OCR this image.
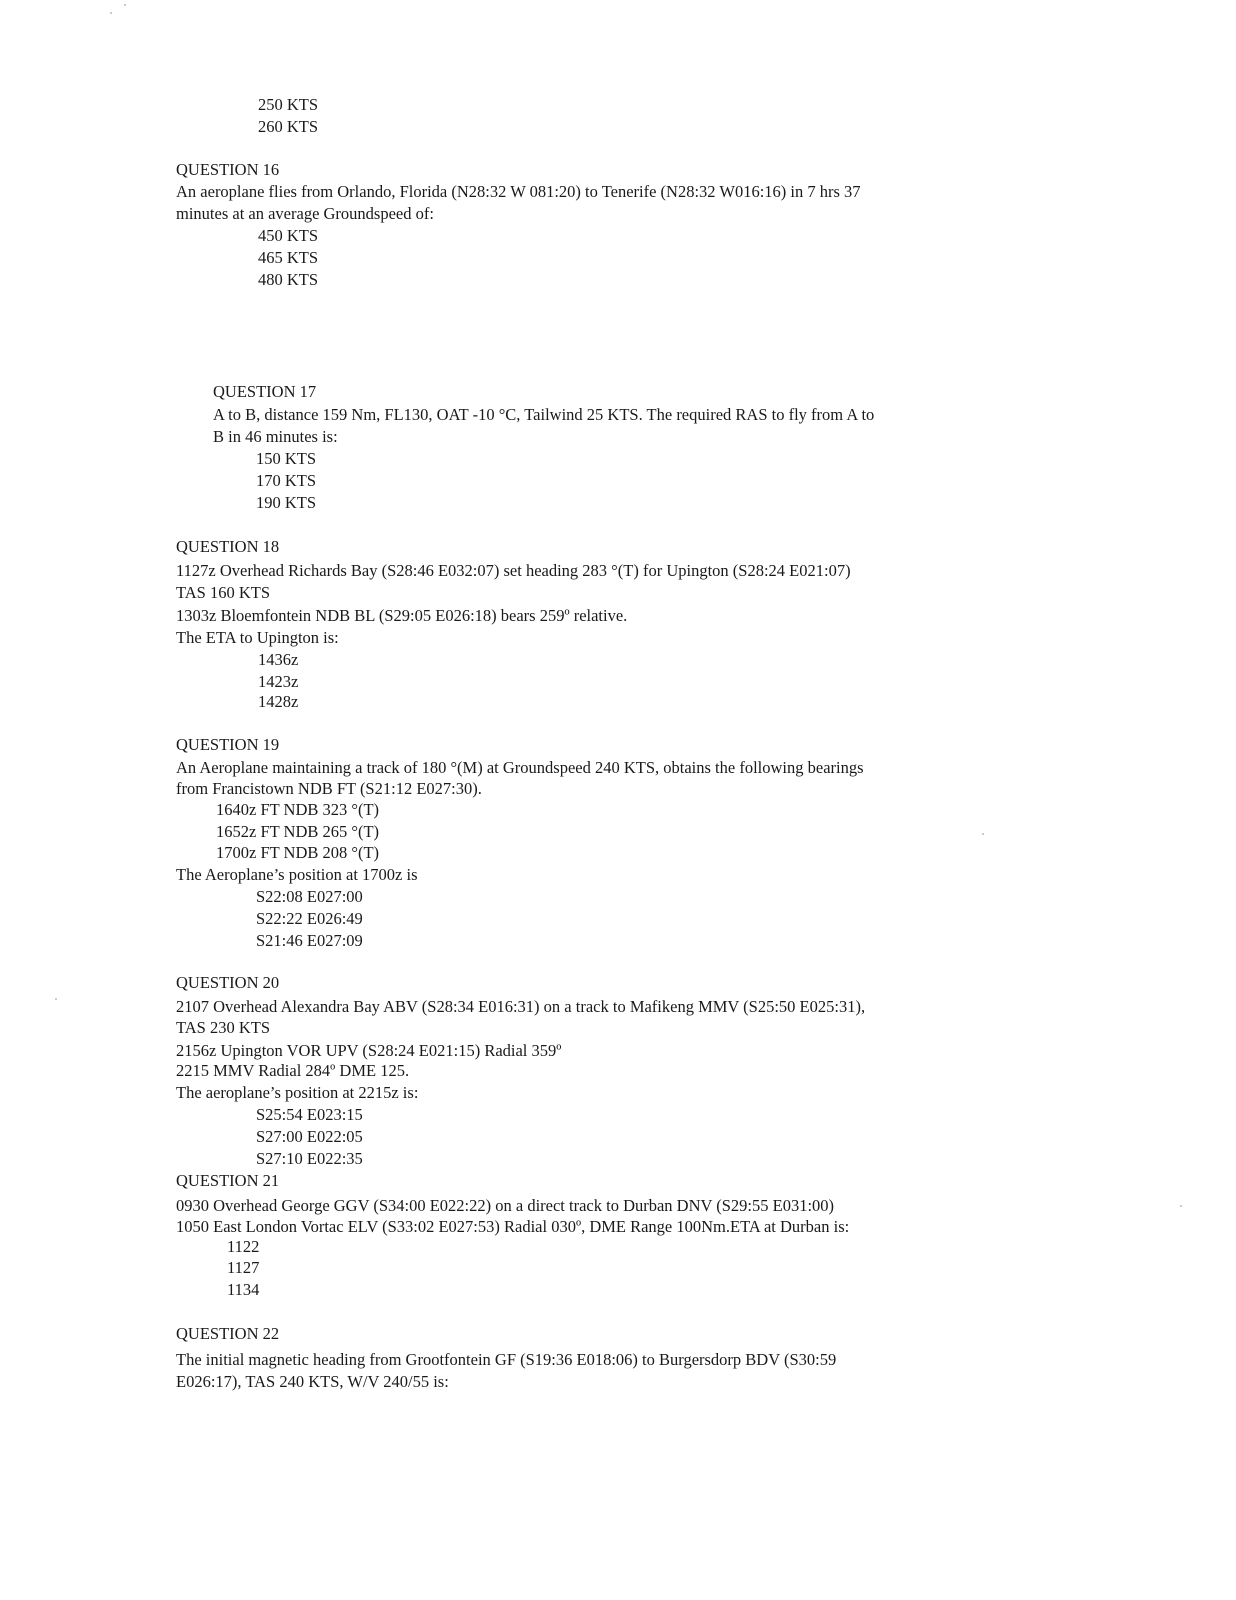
250 KTS
260 KTS
QUESTION 16
An aeroplane flies from Orlando, Florida (N28:32 W 081:20) to Tenerife (N28:32 W016:16) in 7 hrs 37
minutes at an average Groundspeed of:
450 KTS
465 KTS
480 KTS
QUESTION 17
A to B, distance 159 Nm, FL130, OAT -10 °C, Tailwind 25 KTS. The required RAS to fly from A to
B in 46 minutes is:
150 KTS
170 KTS
190 KTS
QUESTION 18
1127z Overhead Richards Bay (S28:46 E032:07) set heading 283 °(T) for Upington (S28:24 E021:07)
TAS 160 KTS
1303z Bloemfontein NDB BL (S29:05 E026:18) bears 259º relative.
The ETA to Upington is:
1436z
1423z
1428z
QUESTION 19
An Aeroplane maintaining a track of 180 °(M) at Groundspeed 240 KTS, obtains the following bearings
from Francistown NDB FT (S21:12 E027:30).
1640z FT NDB 323 °(T)
1652z FT NDB 265 °(T)
1700z FT NDB 208 °(T)
The Aeroplane’s position at 1700z is
S22:08 E027:00
S22:22 E026:49
S21:46 E027:09
QUESTION 20
2107 Overhead Alexandra Bay ABV (S28:34 E016:31) on a track to Mafikeng MMV (S25:50 E025:31),
TAS 230 KTS
2156z Upington VOR UPV (S28:24 E021:15) Radial 359º
2215 MMV Radial 284º DME 125.
The aeroplane’s position at 2215z is:
S25:54 E023:15
S27:00 E022:05
S27:10 E022:35
QUESTION 21
0930 Overhead George GGV (S34:00 E022:22) on a direct track to Durban DNV (S29:55 E031:00)
1050 East London Vortac ELV (S33:02 E027:53) Radial 030º, DME Range 100Nm.ETA at Durban is:
1122
1127
1134
QUESTION 22
The initial magnetic heading from Grootfontein GF (S19:36 E018:06) to Burgersdorp BDV (S30:59
E026:17), TAS 240 KTS, W/V 240/55 is:
